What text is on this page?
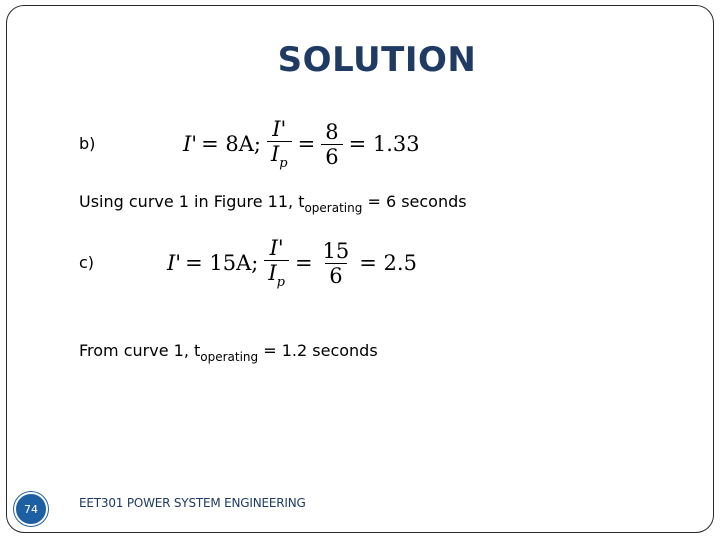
SOLUTION
b)	I' = 8A; $\frac{I'}{I_p} = \frac{8}{6} = 1.33$
Using curve 1 in Figure 11, $t_{operating} = 6$ seconds
c)	I' = 15A; $\frac{I'}{I_p} = \frac{15}{6} = 2.5$
From curve 1, $t_{operating} = 1.2$ seconds
74	EET301 POWER SYSTEM ENGINEERING
